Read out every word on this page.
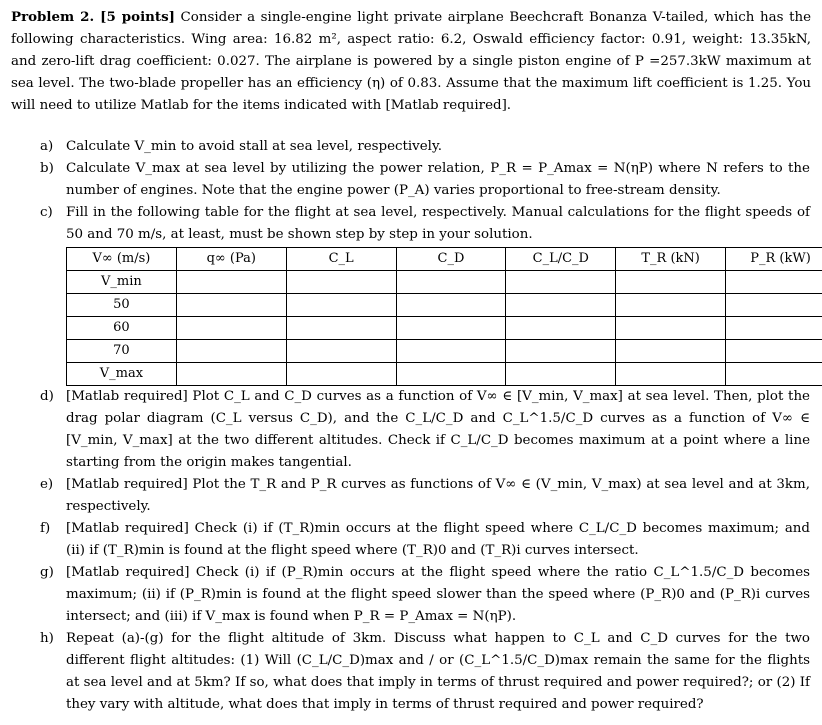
Problem 2. [5 points] Consider a single-engine light private airplane Beechcraft Bonanza V-tailed, which has the following characteristics. Wing area: 16.82 m², aspect ratio: 6.2, Oswald efficiency factor: 0.91, weight: 13.35kN, and zero-lift drag coefficient: 0.027. The airplane is powered by a single piston engine of P =257.3kW maximum at sea level. The two-blade propeller has an efficiency (η) of 0.83. Assume that the maximum lift coefficient is 1.25. You will need to utilize Matlab for the items indicated with [Matlab required].
a) Calculate V_min to avoid stall at sea level, respectively.
b) Calculate V_max at sea level by utilizing the power relation, P_R = P_Amax = N(ηP) where N refers to the number of engines. Note that the engine power (P_A) varies proportional to free-stream density.
c) Fill in the following table for the flight at sea level, respectively. Manual calculations for the flight speeds of 50 and 70 m/s, at least, must be shown step by step in your solution.
V∞ (m/s)	q∞ (Pa)	C_L	C_D	C_L/C_D	T_R (kN)	P_R (kW)
V_min						
50						
60						
70						
V_max						
d) [Matlab required] Plot C_L and C_D curves as a function of V∞ ∈ [V_min, V_max] at sea level. Then, plot the drag polar diagram (C_L versus C_D), and the C_L/C_D and C_L^1.5/C_D curves as a function of V∞ ∈ [V_min, V_max] at the two different altitudes. Check if C_L/C_D becomes maximum at a point where a line starting from the origin makes tangential.
e) [Matlab required] Plot the T_R and P_R curves as functions of V∞ ∈ (V_min, V_max) at sea level and at 3km, respectively.
f)	[Matlab required] Check (i) if (T_R)min occurs at the flight speed where C_L/C_D becomes maximum; and (ii) if (T_R)min is found at the flight speed where (T_R)0 and (T_R)i curves intersect.
g) [Matlab required] Check (i) if (P_R)min occurs at the flight speed where the ratio C_L^1.5/C_D becomes maximum; (ii) if (P_R)min is found at the flight speed slower than the speed where (P_R)0 and (P_R)i curves intersect; and (iii) if V_max is found when P_R = P_Amax = N(ηP).
h) Repeat (a)-(g) for the flight altitude of 3km. Discuss what happen to C_L and C_D curves for the two different flight altitudes: (1) Will (C_L/C_D)max and / or (C_L^1.5/C_D)max remain the same for the flights at sea level and at 5km? If so, what does that imply in terms of thrust required and power required?; or (2) If they vary with altitude, what does that imply in terms of thrust required and power required?
